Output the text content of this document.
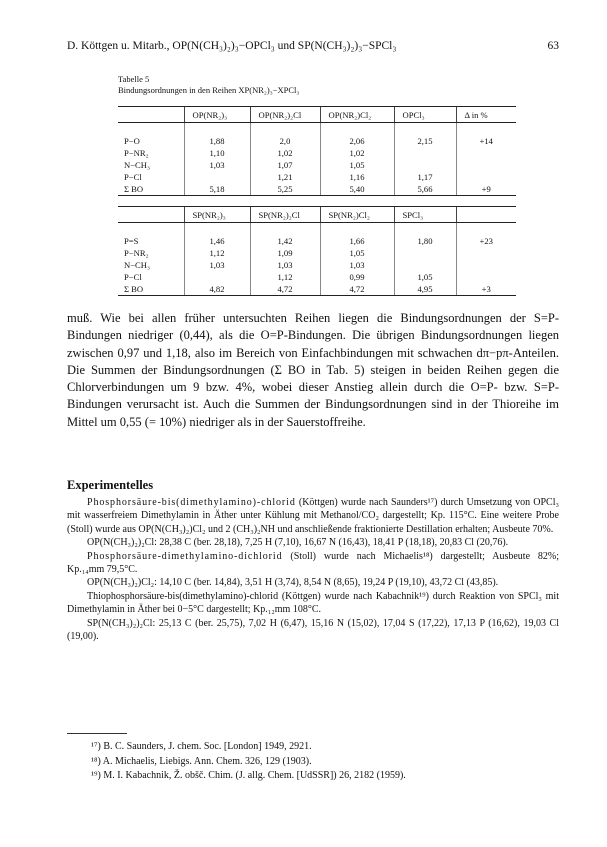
D. Köttgen u. Mitarb., OP(N(CH₃)₂)₃−OPCl₃ und SP(N(CH₃)₂)₃−SPCl₃	63
Tabelle 5
Bindungsordnungen in den Reihen XP(NR₂)₃−XPCl₃
	OP(NR₂)₃	OP(NR₂)₂Cl	OP(NR₂)Cl₂	OPCl₃	Δ in %

P−O	1,88	2,0	2,06	2,15	+14
P−NR₂	1,10	1,02	1,02		
N−CH₃	1,03	1,07	1,05		
P−Cl		1,21	1,16	1,17	
Σ BO	5,18	5,25	5,40	5,66	+9
	SP(NR₂)₃	SP(NR₂)₂Cl	SP(NR₂)Cl₂	SPCl₃	

P=S	1,46	1,42	1,66	1,80	+23
P−NR₂	1,12	1,09	1,05		
N−CH₃	1,03	1,03	1,03		
P−Cl		1,12	0,99	1,05	
Σ BO	4,82	4,72	4,72	4,95	+3
muß. Wie bei allen früher untersuchten Reihen liegen die Bindungsordnungen der S=P-Bindungen niedriger (0,44), als die O=P-Bindungen. Die übrigen Bindungsordnungen liegen zwischen 0,97 und 1,18, also im Bereich von Einfachbindungen mit schwachen dπ−pπ-Anteilen. Die Summen der Bindungsordnungen (Σ BO in Tab. 5) steigen in beiden Reihen gegen die Chlorverbindungen um 9 bzw. 4%, wobei dieser Anstieg allein durch die O=P- bzw. S=P-Bindungen verursacht ist. Auch die Summen der Bindungsordnungen sind in der Thioreihe im Mittel um 0,55 (= 10%) niedriger als in der Sauerstoffreihe.
Experimentelles

Phosphorsäure-bis(dimethylamino)-chlorid (Köttgen) wurde nach Saunders¹⁷) durch Umsetzung von OPCl₃ mit wasserfreiem Dimethylamin in Äther unter Kühlung mit Methanol/CO₂ dargestellt; Kp. 115°C. Eine weitere Probe (Stoll) wurde aus OP(N(CH₃)₂)Cl₂ und 2 (CH₃)₂NH und anschließende fraktionierte Destillation erhalten; Ausbeute 70%.

OP(N(CH₃)₂)₂Cl: 28,38 C (ber. 28,18), 7,25 H (7,10), 16,67 N (16,43), 18,41 P (18,18), 20,83 Cl (20,76).

Phosphorsäure-dimethylamino-dichlorid (Stoll) wurde nach Michaelis¹⁸) dargestellt; Ausbeute 82%; Kp.₁₄mm 79,5°C.

OP(N(CH₃)₂)Cl₂: 14,10 C (ber. 14,84), 3,51 H (3,74), 8,54 N (8,65), 19,24 P (19,10), 43,72 Cl (43,85).

Thiophosphorsäure-bis(dimethylamino)-chlorid (Köttgen) wurde nach Kabachnik¹⁹) durch Reaktion von SPCl₃ mit Dimethylamin in Äther bei 0−5°C dargestellt; Kp.₁₂mm 108°C.

SP(N(CH₃)₂)₂Cl: 25,13 C (ber. 25,75), 7,02 H (6,47), 15,16 N (15,02), 17,04 S (17,22), 17,13 P (16,62), 19,03 Cl (19,00).

¹⁷) B. C. Saunders, J. chem. Soc. [London] 1949, 2921.
¹⁸) A. Michaelis, Liebigs. Ann. Chem. 326, 129 (1903).
¹⁹) M. I. Kabachnik, Ž. obšč. Chim. (J. allg. Chem. [UdSSR]) 26, 2182 (1959).
